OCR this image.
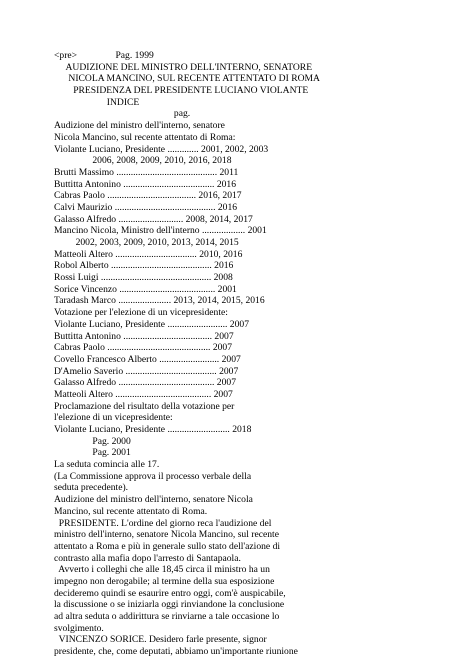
<pre>                Pag. 1999
AUDIZIONE DEL MINISTRO DELL'INTERNO, SENATORE
NICOLA MANCINO, SUL RECENTE ATTENTATO DI ROMA
PRESIDENZA DEL PRESIDENTE LUCIANO VIOLANTE
INDICE
pag.
Audizione del ministro dell'interno, senatore
Nicola Mancino, sul recente attentato di Roma:
Violante Luciano, Presidente ............. 2001, 2002, 2003
2006, 2008, 2009, 2010, 2016, 2018
Brutti Massimo .......................................... 2011
Buttitta Antonino ...................................... 2016
Cabras Paolo ..................................... 2016, 2017
Calvi Maurizio .......................................... 2016
Galasso Alfredo ........................... 2008, 2014, 2017
Mancino Nicola, Ministro dell'interno .................. 2001
2002, 2003, 2009, 2010, 2013, 2014, 2015
Matteoli Altero .................................. 2010, 2016
Robol Alberto .......................................... 2016
Rossi Luigi .............................................. 2008
Sorice Vincenzo ........................................ 2001
Taradash Marco ...................... 2013, 2014, 2015, 2016
Votazione per l'elezione di un vicepresidente:
Violante Luciano, Presidente ......................... 2007
Buttitta Antonino ..................................... 2007
Cabras Paolo ........................................... 2007
Covello Francesco Alberto ......................... 2007
D'Amelio Saverio ...................................... 2007
Galasso Alfredo ........................................ 2007
Matteoli Altero ........................................ 2007
Proclamazione del risultato della votazione per
l'elezione di un vicepresidente:
Violante Luciano, Presidente .......................... 2018
Pag. 2000
Pag. 2001
La seduta comincia alle 17.
(La Commissione approva il processo verbale della
seduta precedente).
Audizione del ministro dell'interno, senatore Nicola
Mancino, sul recente attentato di Roma.
PRESIDENTE. L'ordine del giorno reca l'audizione del
ministro dell'interno, senatore Nicola Mancino, sul recente
attentato a Roma e più in generale sullo stato dell'azione di
contrasto alla mafia dopo l'arresto di Santapaola.
Avverto i colleghi che alle 18,45 circa il ministro ha un
impegno non derogabile; al termine della sua esposizione
decideremo quindi se esaurire entro oggi, com'è auspicabile,
la discussione o se iniziarla oggi rinviandone la conclusione
ad altra seduta o addirittura se rinviarne a tale occasione lo
svolgimento.
VINCENZO SORICE. Desidero farle presente, signor
presidente, che, come deputati, abbiamo un'importante riunione
